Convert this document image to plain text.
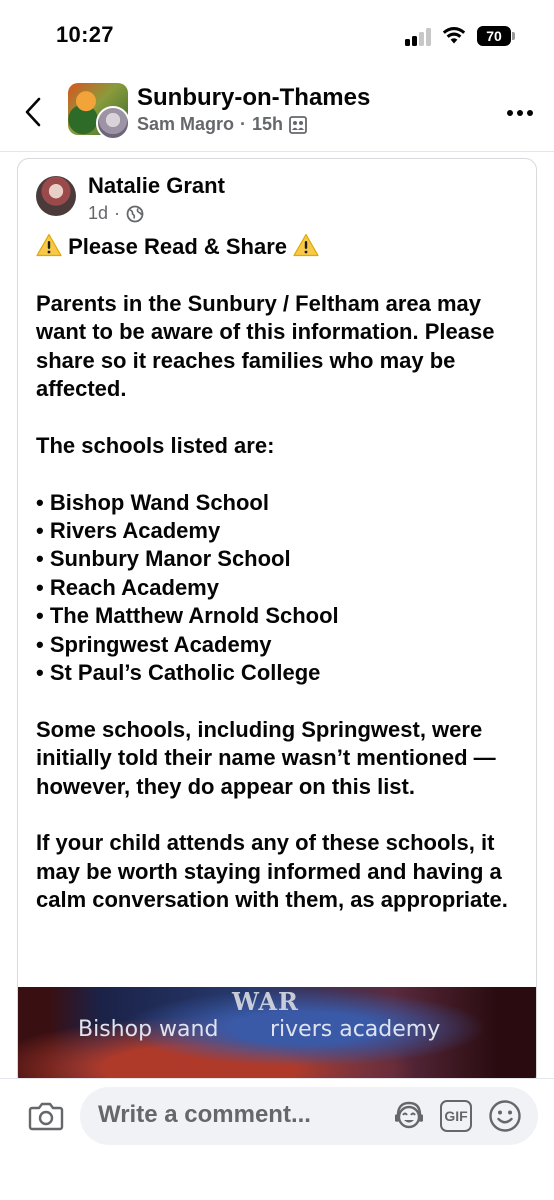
10:27	70
Sunbury-on-Thames
Sam Magro · 15h
Natalie Grant
1d ·

Please Read & Share

Parents in the Sunbury / Feltham area may want to be aware of this information. Please share so it reaches families who may be affected.

The schools listed are:

• Bishop Wand School
• Rivers Academy
• Sunbury Manor School
• Reach Academy
• The Matthew Arnold School
• Springwest Academy
• St Paul’s Catholic College

Some schools, including Springwest, were initially told their name wasn’t mentioned — however, they do appear on this list.

If your child attends any of these schools, it may be worth staying informed and having a calm conversation with them, as appropriate.

WAR
Bishop wand rivers academy
Write a comment...	GIF
